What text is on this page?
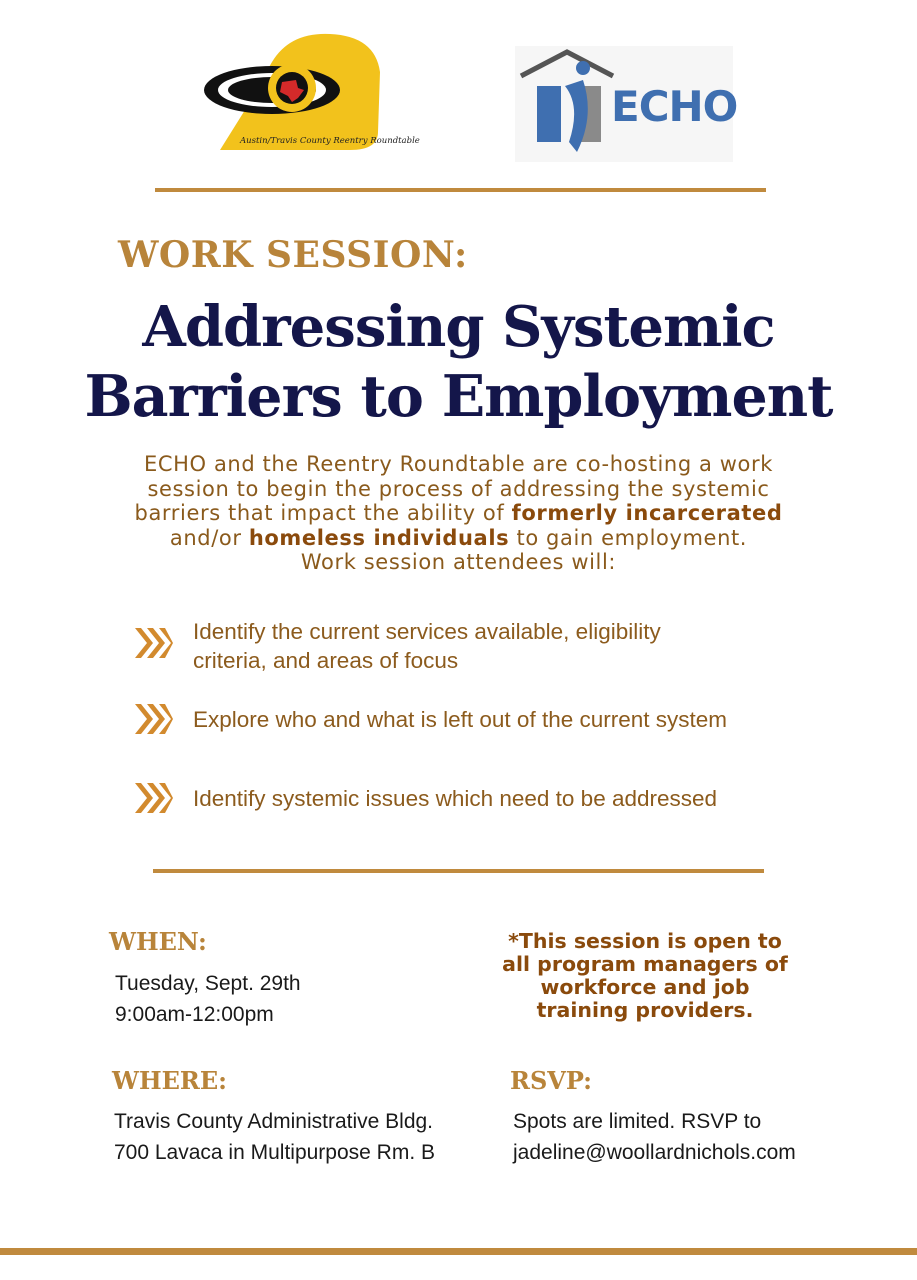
Austin/Travis County Reentry Roundtable
ECHO
WORK SESSION:
Addressing Systemic
Barriers to Employment
ECHO and the Reentry Roundtable are co-hosting a work
session to begin the process of addressing the systemic
barriers that impact the ability of formerly incarcerated
and/or homeless individuals to gain employment.
Work session attendees will:
Identify the current services available, eligibility
criteria, and areas of focus
Explore who and what is left out of the current system
Identify systemic issues which need to be addressed
WHEN:
Tuesday, Sept. 29th
9:00am-12:00pm
*This session is open to
all program managers of
workforce and job
training providers.
WHERE:
Travis County Administrative Bldg.
700 Lavaca in Multipurpose Rm. B
RSVP:
Spots are limited. RSVP to
jadeline@woollardnichols.com
